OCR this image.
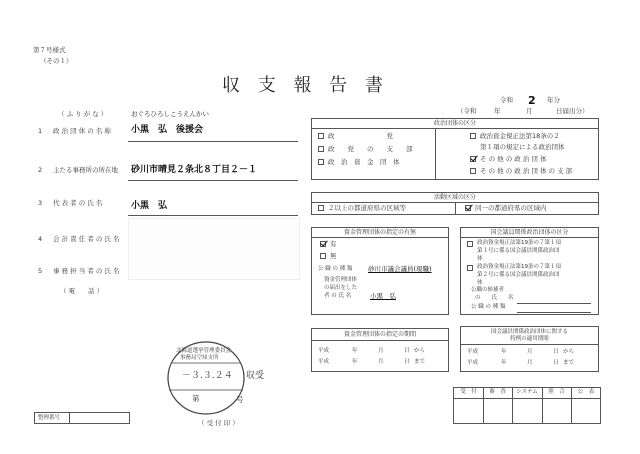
第７号様式
（その１）
収 支 報 告 書
令和 2 年分
（令和	年	月	日届出分）
（ ふ り が な ）	おぐろひろしこうえんかい
1 政 治 団 体 の 名 称 小黒　弘　後援会
2 主たる事務所の所在地 砂川市晴見２条北８丁目２－１
3 代 表 者 の 氏 名	小黒　弘
4 会 計 責 任 者 の 氏 名
5 事 務 担 当 者 の 氏 名
（ 電　　話 ）
政治団体の区分
政　　　　　　　　党
政　　党　　の　　支　　部
政　治　資　金　団　体
政治資金規正法第18条の２
第１項の規定による政治団体
そ の 他 の 政 治 団 体
そ の 他 の 政 治 団 体 の 支 部
活動区域の区分
２以上の都道府県の区域等	同一の都道府県の区域内
資金管理団体の指定の有無
有
無
公 職 の 種 類 砂川市議会議員(現職)
資金管理団体
の届出をした
者 の 氏 名	小黒　弘
国会議員関係政治団体の区分
政治資金規正法第19条の７第１項
第１号に係る国会議員関係政治団
体
政治資金規正法第19条の７第１項
第２号に係る国会議員関係政治団
体
公職の候補者
の　　氏　　名
公 職 の 種 類
資金管理団体の指定の期間
平成	年	月	日 から
平成	年	月	日 まで
国会議員関係政治団体に関する
特例の適用期間
平成	年	月	日 から
平成	年	月	日 まで
北海道選挙管理委員会
事務局空知支所
－３.３.２４ 収受
第	号
（ 受 付 印 ）
受　付	審　査	システム	照　合	公　表
整理番号
